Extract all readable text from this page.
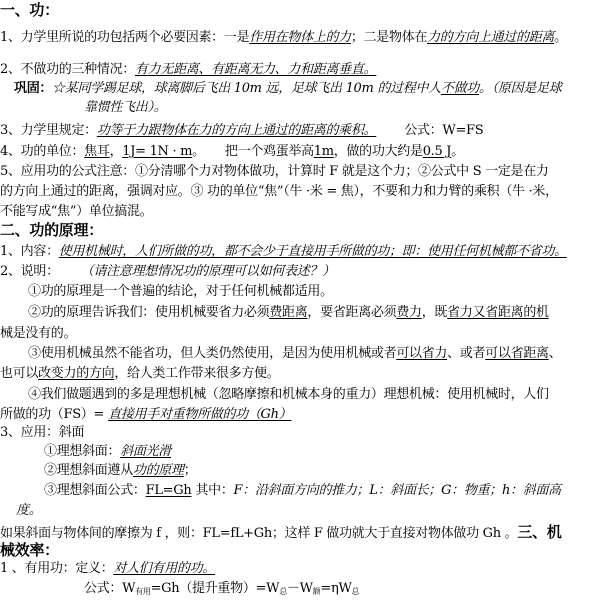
一、功：
1、力学里所说的功包括两个必要因素：一是作用在物体上的力；二是物体在力的方向上通过的距离。
2、不做功的三种情况：有力无距离、有距离无力、力和距离垂直。
巩固：☆某同学踢足球，球离脚后飞出 10m 远，足球飞出 10m 的过程中人不做功。（原因是足球
靠惯性飞出）。
3、力学里规定：功等于力跟物体在力的方向上通过的距离的乘积。 公式：W=FS
4、功的单位：焦耳，1J= 1N · m。 把一个鸡蛋举高1m，做的功大约是0.5 J。
5、应用功的公式注意：①分清哪个力对物体做功，计算时 F 就是这个力；②公式中 S 一定是在力
的方向上通过的距离，强调对应。③ 功的单位“焦”（牛 ·米 = 焦），不要和力和力臂的乘积（牛 ·米，
不能写成“焦”）单位搞混。
二、功的原理：
1、内容：使用机械时，人们所做的功，都不会少于直接用手所做的功；即：使用任何机械都不省功。
2、说明： （请注意理想情况功的原理可以如何表述？）
①功的原理是一个普遍的结论，对于任何机械都适用。
②功的原理告诉我们：使用机械要省力必须费距离，要省距离必须费力，既省力又省距离的机
械是没有的。
③使用机械虽然不能省功，但人类仍然使用，是因为使用机械或者可以省力、或者可以省距离、
也可以改变力的方向，给人类工作带来很多方便。
④我们做题遇到的多是理想机械（忽略摩擦和机械本身的重力）理想机械：使用机械时，人们
所做的功（FS）= 直接用手对重物所做的功（Gh）
3、应用：斜面
①理想斜面：斜面光滑
②理想斜面遵从功的原理；
③理想斜面公式：FL=Gh 其中：F：沿斜面方向的推力；L：斜面长；G：物重；h：斜面高
度。
如果斜面与物体间的摩擦为 f ，则：FL=fL+Gh；这样 F 做功就大于直接对物体做功 Gh 。三、机
械效率：
1 、有用功：定义：对人们有用的功。
公式：$W_{有用}=Gh$（提升重物）$=W_总-W_额=\eta W_总$
